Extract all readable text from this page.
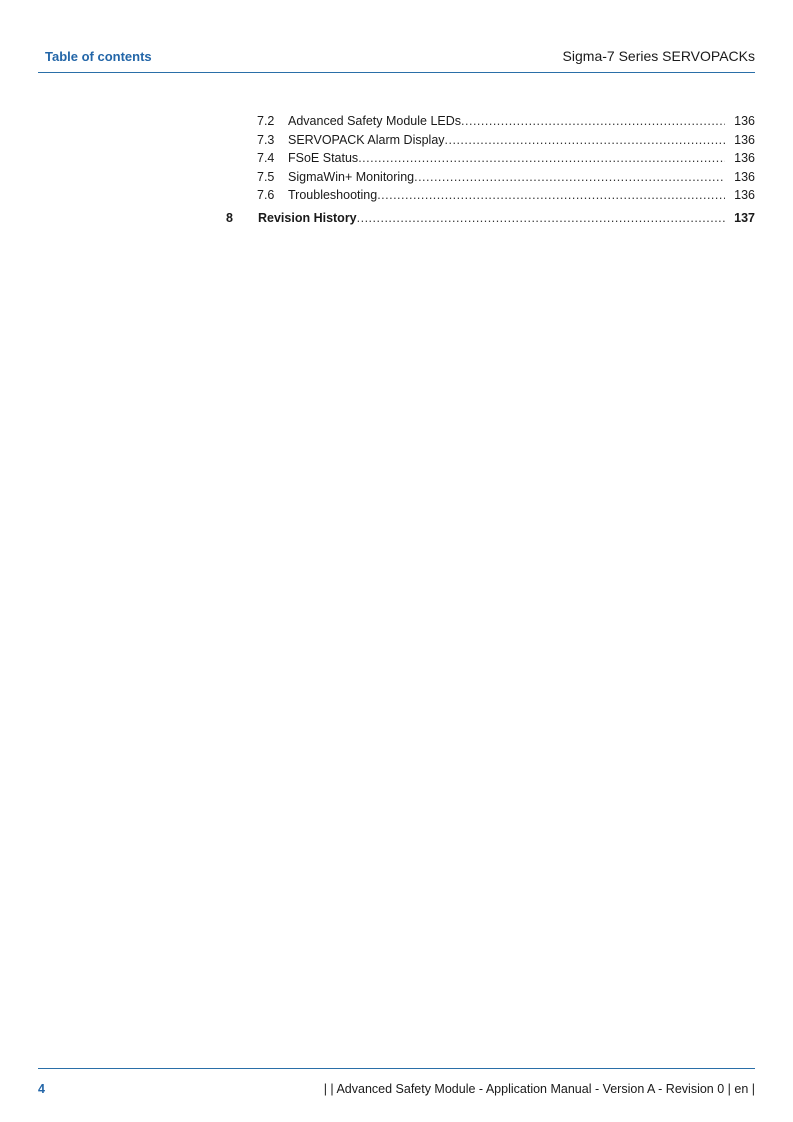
Table of contents	Sigma-7 Series SERVOPACKs
7.2	Advanced Safety Module LEDs .....	136
7.3	SERVOPACK Alarm Display .....	136
7.4	FSoE Status .....	136
7.5	SigmaWin+ Monitoring .....	136
7.6	Troubleshooting .....	136
8	Revision History .....	137
4	| | Advanced Safety Module - Application Manual - Version A - Revision 0 | en |
